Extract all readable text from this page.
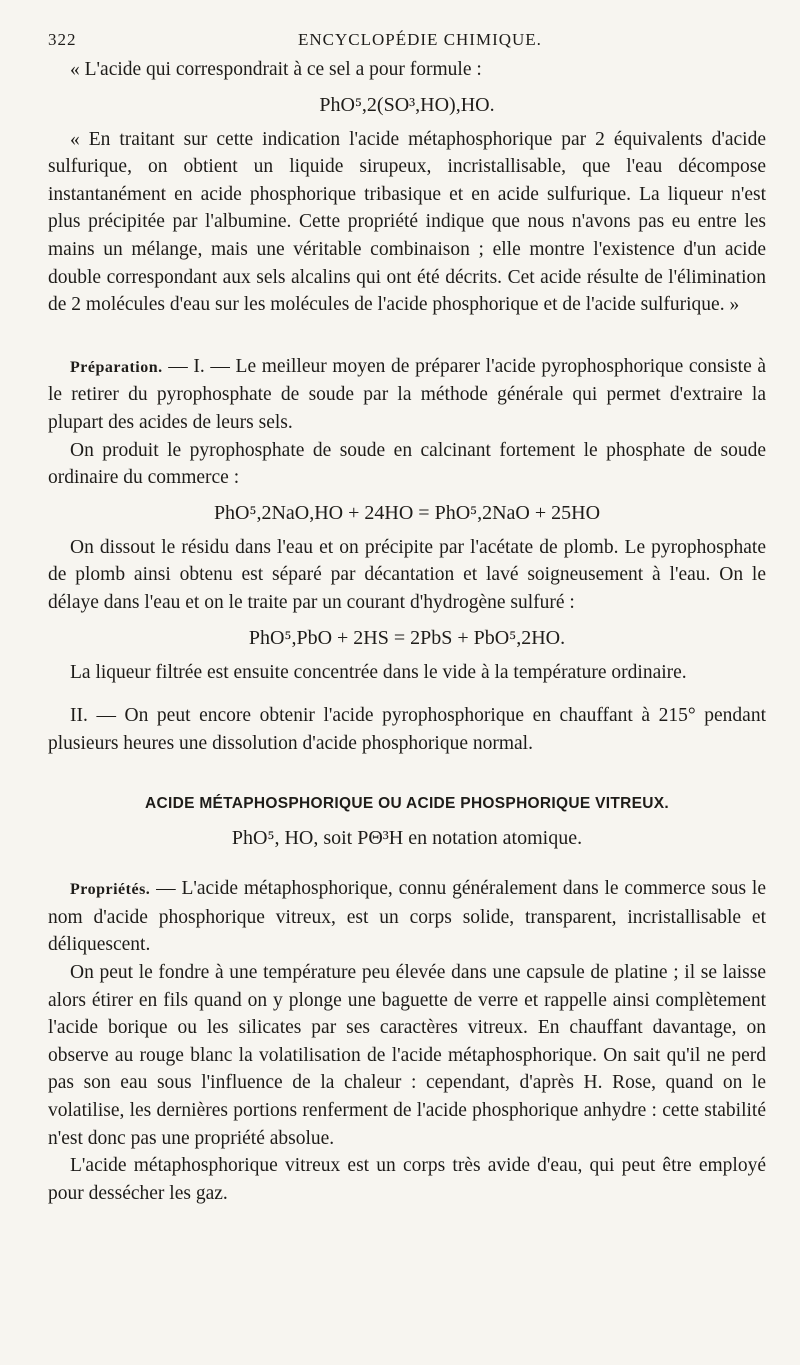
322	ENCYCLOPÉDIE CHIMIQUE.

« L'acide qui correspondrait à ce sel a pour formule :

PhO⁵,2(SO³,HO),HO.

« En traitant sur cette indication l'acide métaphosphorique par 2 équivalents d'acide sulfurique, on obtient un liquide sirupeux, incristallisable, que l'eau décompose instantanément en acide phosphorique tribasique et en acide sulfurique. La liqueur n'est plus précipitée par l'albumine. Cette propriété indique que nous n'avons pas eu entre les mains un mélange, mais une véritable combinaison ; elle montre l'existence d'un acide double correspondant aux sels alcalins qui ont été décrits. Cet acide résulte de l'élimination de 2 molécules d'eau sur les molécules de l'acide phosphorique et de l'acide sulfurique. »

Préparation. — I. — Le meilleur moyen de préparer l'acide pyrophosphorique consiste à le retirer du pyrophosphate de soude par la méthode générale qui permet d'extraire la plupart des acides de leurs sels.

On produit le pyrophosphate de soude en calcinant fortement le phosphate de soude ordinaire du commerce :

PhO⁵,2NaO,HO + 24HO = PhO⁵,2NaO + 25HO

On dissout le résidu dans l'eau et on précipite par l'acétate de plomb. Le pyrophosphate de plomb ainsi obtenu est séparé par décantation et lavé soigneusement à l'eau. On le délaye dans l'eau et on le traite par un courant d'hydrogène sulfuré :

PhO⁵,PbO + 2HS = 2PbS + PbO⁵,2HO.

La liqueur filtrée est ensuite concentrée dans le vide à la température ordinaire.

II. — On peut encore obtenir l'acide pyrophosphorique en chauffant à 215° pendant plusieurs heures une dissolution d'acide phosphorique normal.

ACIDE MÉTAPHOSPHORIQUE OU ACIDE PHOSPHORIQUE VITREUX.
PhO⁵, HO, soit PΘ³H en notation atomique.

Propriétés. — L'acide métaphosphorique, connu généralement dans le commerce sous le nom d'acide phosphorique vitreux, est un corps solide, transparent, incristallisable et déliquescent.

On peut le fondre à une température peu élevée dans une capsule de platine ; il se laisse alors étirer en fils quand on y plonge une baguette de verre et rappelle ainsi complètement l'acide borique ou les silicates par ses caractères vitreux. En chauffant davantage, on observe au rouge blanc la volatilisation de l'acide métaphosphorique. On sait qu'il ne perd pas son eau sous l'influence de la chaleur : cependant, d'après H. Rose, quand on le volatilise, les dernières portions renferment de l'acide phosphorique anhydre : cette stabilité n'est donc pas une propriété absolue.

L'acide métaphosphorique vitreux est un corps très avide d'eau, qui peut être employé pour dessécher les gaz.
